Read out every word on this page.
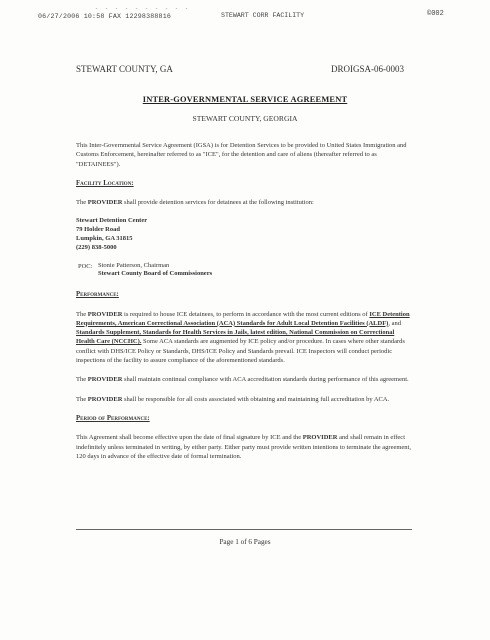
- - - - - - - - - -
06/27/2006 10:58 FAX 12298388816	STEWART CORR FACILITY	©002
STEWART COUNTY, GA	DROIGSA-06-0003
INTER-GOVERNMENTAL SERVICE AGREEMENT
STEWART COUNTY, GEORGIA

This Inter-Governmental Service Agreement (IGSA) is for Detention Services to be provided to United States Immigration and Customs Enforcement, hereinafter referred to as "ICE", for the detention and care of aliens (thereafter referred to as "DETAINEES").

Facility Location:

The PROVIDER shall provide detention services for detainees at the following institution:

Stewart Detention Center
79 Holder Road
Lumpkin, GA 31815
(229) 838-5000
POC: Stonie Patterson, Chairman
Stewart County Board of Commissioners
Performance:

The PROVIDER is required to house ICE detainees, to perform in accordance with the most current editions of ICE Detention Requirements, American Correctional Association (ACA) Standards for Adult Local Detention Facilities (ALDF), and Standards Supplement, Standards for Health Services in Jails, latest edition, National Commission on Correctional Health Care (NCCHC). Some ACA standards are augmented by ICE policy and/or procedure. In cases where other standards conflict with DHS/ICE Policy or Standards, DHS/ICE Policy and Standards prevail. ICE Inspectors will conduct periodic inspections of the facility to assure compliance of the aforementioned standards.

The PROVIDER shall maintain continual compliance with ACA accreditation standards during performance of this agreement.

The PROVIDER shall be responsible for all costs associated with obtaining and maintaining full accreditation by ACA.

Period of Performance:

This Agreement shall become effective upon the date of final signature by ICE and the PROVIDER and shall remain in effect indefinitely unless terminated in writing, by either party. Either party must provide written intentions to terminate the agreement, 120 days in advance of the effective date of formal termination.

Page 1 of 6 Pages
